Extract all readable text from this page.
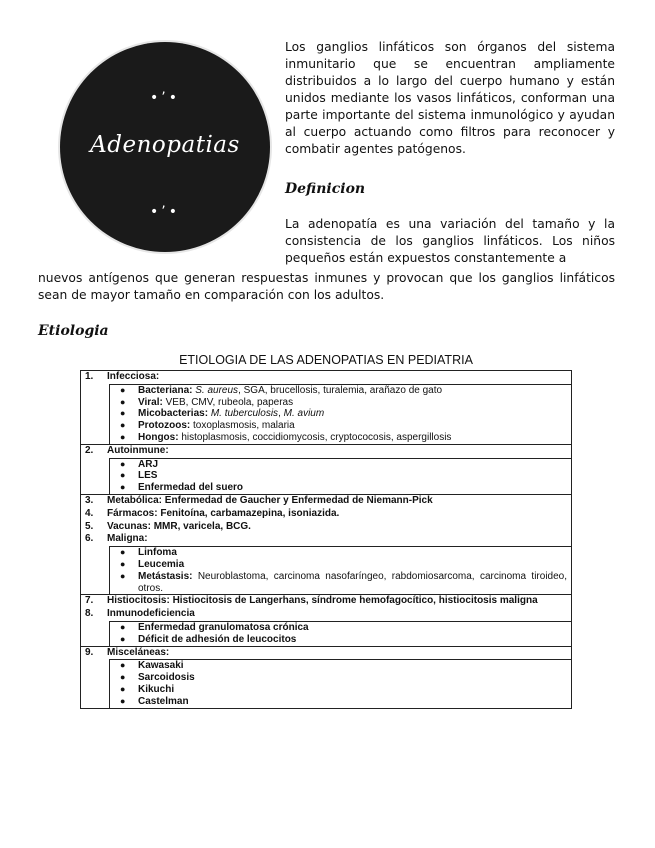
•’•
Adenopatias
•’•

Los ganglios linfáticos son órganos del sistema inmunitario que se encuentran ampliamente distribuidos a lo largo del cuerpo humano y están unidos mediante los vasos linfáticos, conforman una parte importante del sistema inmunológico y ayudan al cuerpo actuando como filtros para reconocer y combatir agentes patógenos.

Definicion

La adenopatía es una variación del tamaño y la consistencia de los ganglios linfáticos. Los niños pequeños están expuestos constantemente a

nuevos antígenos que generan respuestas inmunes y provocan que los ganglios linfáticos sean de mayor tamaño en comparación con los adultos.

Etiologia

ETIOLOGIA DE LAS ADENOPATIAS EN PEDIATRIA

1.	Infecciosa:
●	Bacteriana: S. aureus, SGA, brucellosis, turalemia, arañazo de gato
●	Viral: VEB, CMV, rubeola, paperas
●	Micobacterias: M. tuberculosis, M. avium
●	Protozoos: toxoplasmosis, malaria
●	Hongos: histoplasmosis, coccidiomycosis, cryptococosis, aspergillosis

2.	Autoinmune:
●	ARJ
●	LES
●	Enfermedad del suero

3.	Metabólica: Enfermedad de Gaucher y Enfermedad de Niemann-Pick
4.	Fármacos: Fenitoína, carbamazepina, isoniazida.
5.	Vacunas: MMR, varicela, BCG.
6.	Maligna:
●	Linfoma
●	Leucemia
●	Metástasis: Neuroblastoma, carcinoma nasofaríngeo, rabdomiosarcoma, carcinoma tiroideo, otros.

7.	Histiocitosis: Histiocitosis de Langerhans, síndrome hemofagocítico, histiocitosis maligna
8.	Inmunodeficiencia
●	Enfermedad granulomatosa crónica
●	Déficit de adhesión de leucocitos

9.	Misceláneas:
●	Kawasaki
●	Sarcoidosis
●	Kikuchi
●	Castelman
